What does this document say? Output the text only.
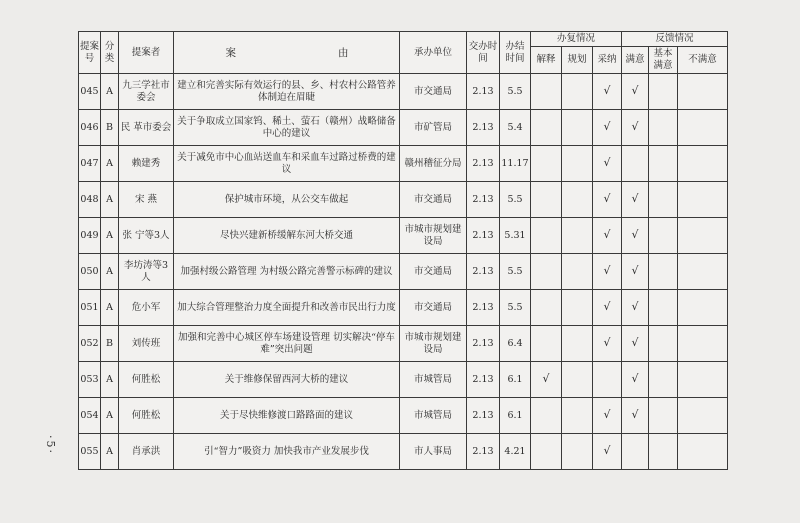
·5·
提案号	分类	提案者	案	由	承办单位	交办时间	办结时间	办复情况			反馈情况		
								解释	规划	采纳	满意	基本满意	不满意
045	A	九三学社市委会	建立和完善实际有效运行的县、乡、村农村公路管养体制迫在眉睫		市交通局	2.13	5.5			√	√		
046	B	民 革市委会	关于争取成立国家钨、稀土、萤石（赣州）战略储备中心的建议		市矿管局	2.13	5.4			√	√		
047	A	赖建秀	关于减免市中心血站送血车和采血车过路过桥费的建议		赣州稽征分局	2.13	11.17			√			
048	A	宋 燕	保护城市环境，从公交车做起		市交通局	2.13	5.5			√	√		
049	A	张 宁等3人	尽快兴建新桥缓解东河大桥交通		市城市规划建设局	2.13	5.31			√	√		
050	A	李坊涛等3人	加强村级公路管理 为村级公路完善警示标碑的建议		市交通局	2.13	5.5			√	√		
051	A	危小军	加大综合管理整治力度全面提升和改善市民出行力度		市交通局	2.13	5.5			√	√		
052	B	刘传班	加强和完善中心城区停车场建设管理 切实解决“停车难”突出问题		市城市规划建设局	2.13	6.4			√	√		
053	A	何胜松	关于维修保留西河大桥的建议		市城管局	2.13	6.1	√			√		
054	A	何胜松	关于尽快维修渡口路路面的建议		市城管局	2.13	6.1			√	√		
055	A	肖承洪	引“智力”吸资力 加快我市产业发展步伐		市人事局	2.13	4.21			√			
